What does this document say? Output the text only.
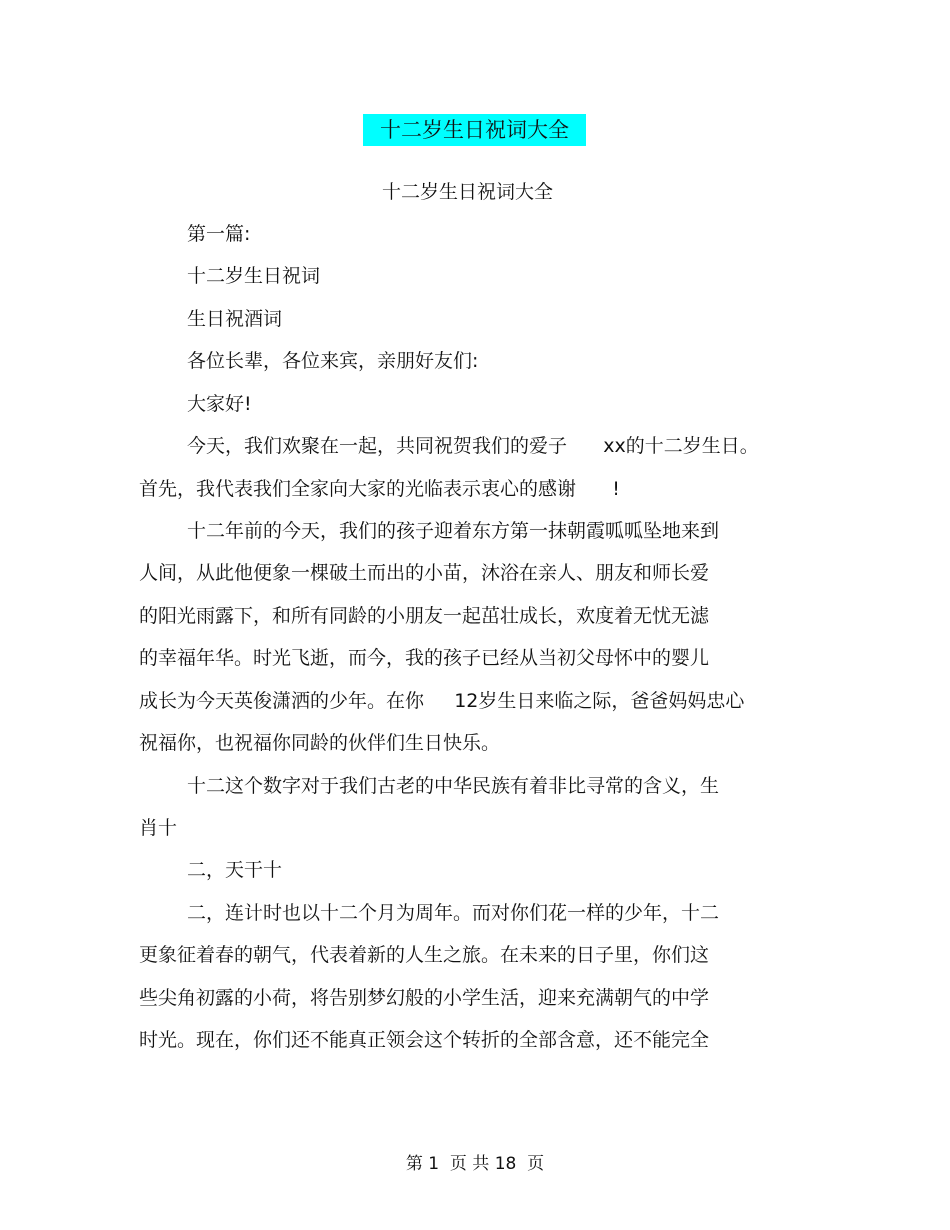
十二岁生日祝词大全
十二岁生日祝词大全
第一篇:
十二岁生日祝词
生日祝酒词
各位长辈，各位来宾，亲朋好友们:
大家好!
今天，我们欢聚在一起，共同祝贺我们的爱子      xx的十二岁生日。
首先，我代表我们全家向大家的光临表示衷心的感谢      !
十二年前的今天，我们的孩子迎着东方第一抹朝霞呱呱坠地来到
人间，从此他便象一棵破土而出的小苗，沐浴在亲人、朋友和师长爱
的阳光雨露下，和所有同龄的小朋友一起茁壮成长，欢度着无忧无滤
的幸福年华。时光飞逝，而今，我的孩子已经从当初父母怀中的婴儿
成长为今天英俊潇洒的少年。在你     12岁生日来临之际，爸爸妈妈忠心
祝福你，也祝福你同龄的伙伴们生日快乐。
十二这个数字对于我们古老的中华民族有着非比寻常的含义，生
肖十
二，天干十
二，连计时也以十二个月为周年。而对你们花一样的少年，十二
更象征着春的朝气，代表着新的人生之旅。在未来的日子里，你们这
些尖角初露的小荷，将告别梦幻般的小学生活，迎来充满朝气的中学
时光。现在，你们还不能真正领会这个转折的全部含意，还不能完全
第 1  页 共 18  页
